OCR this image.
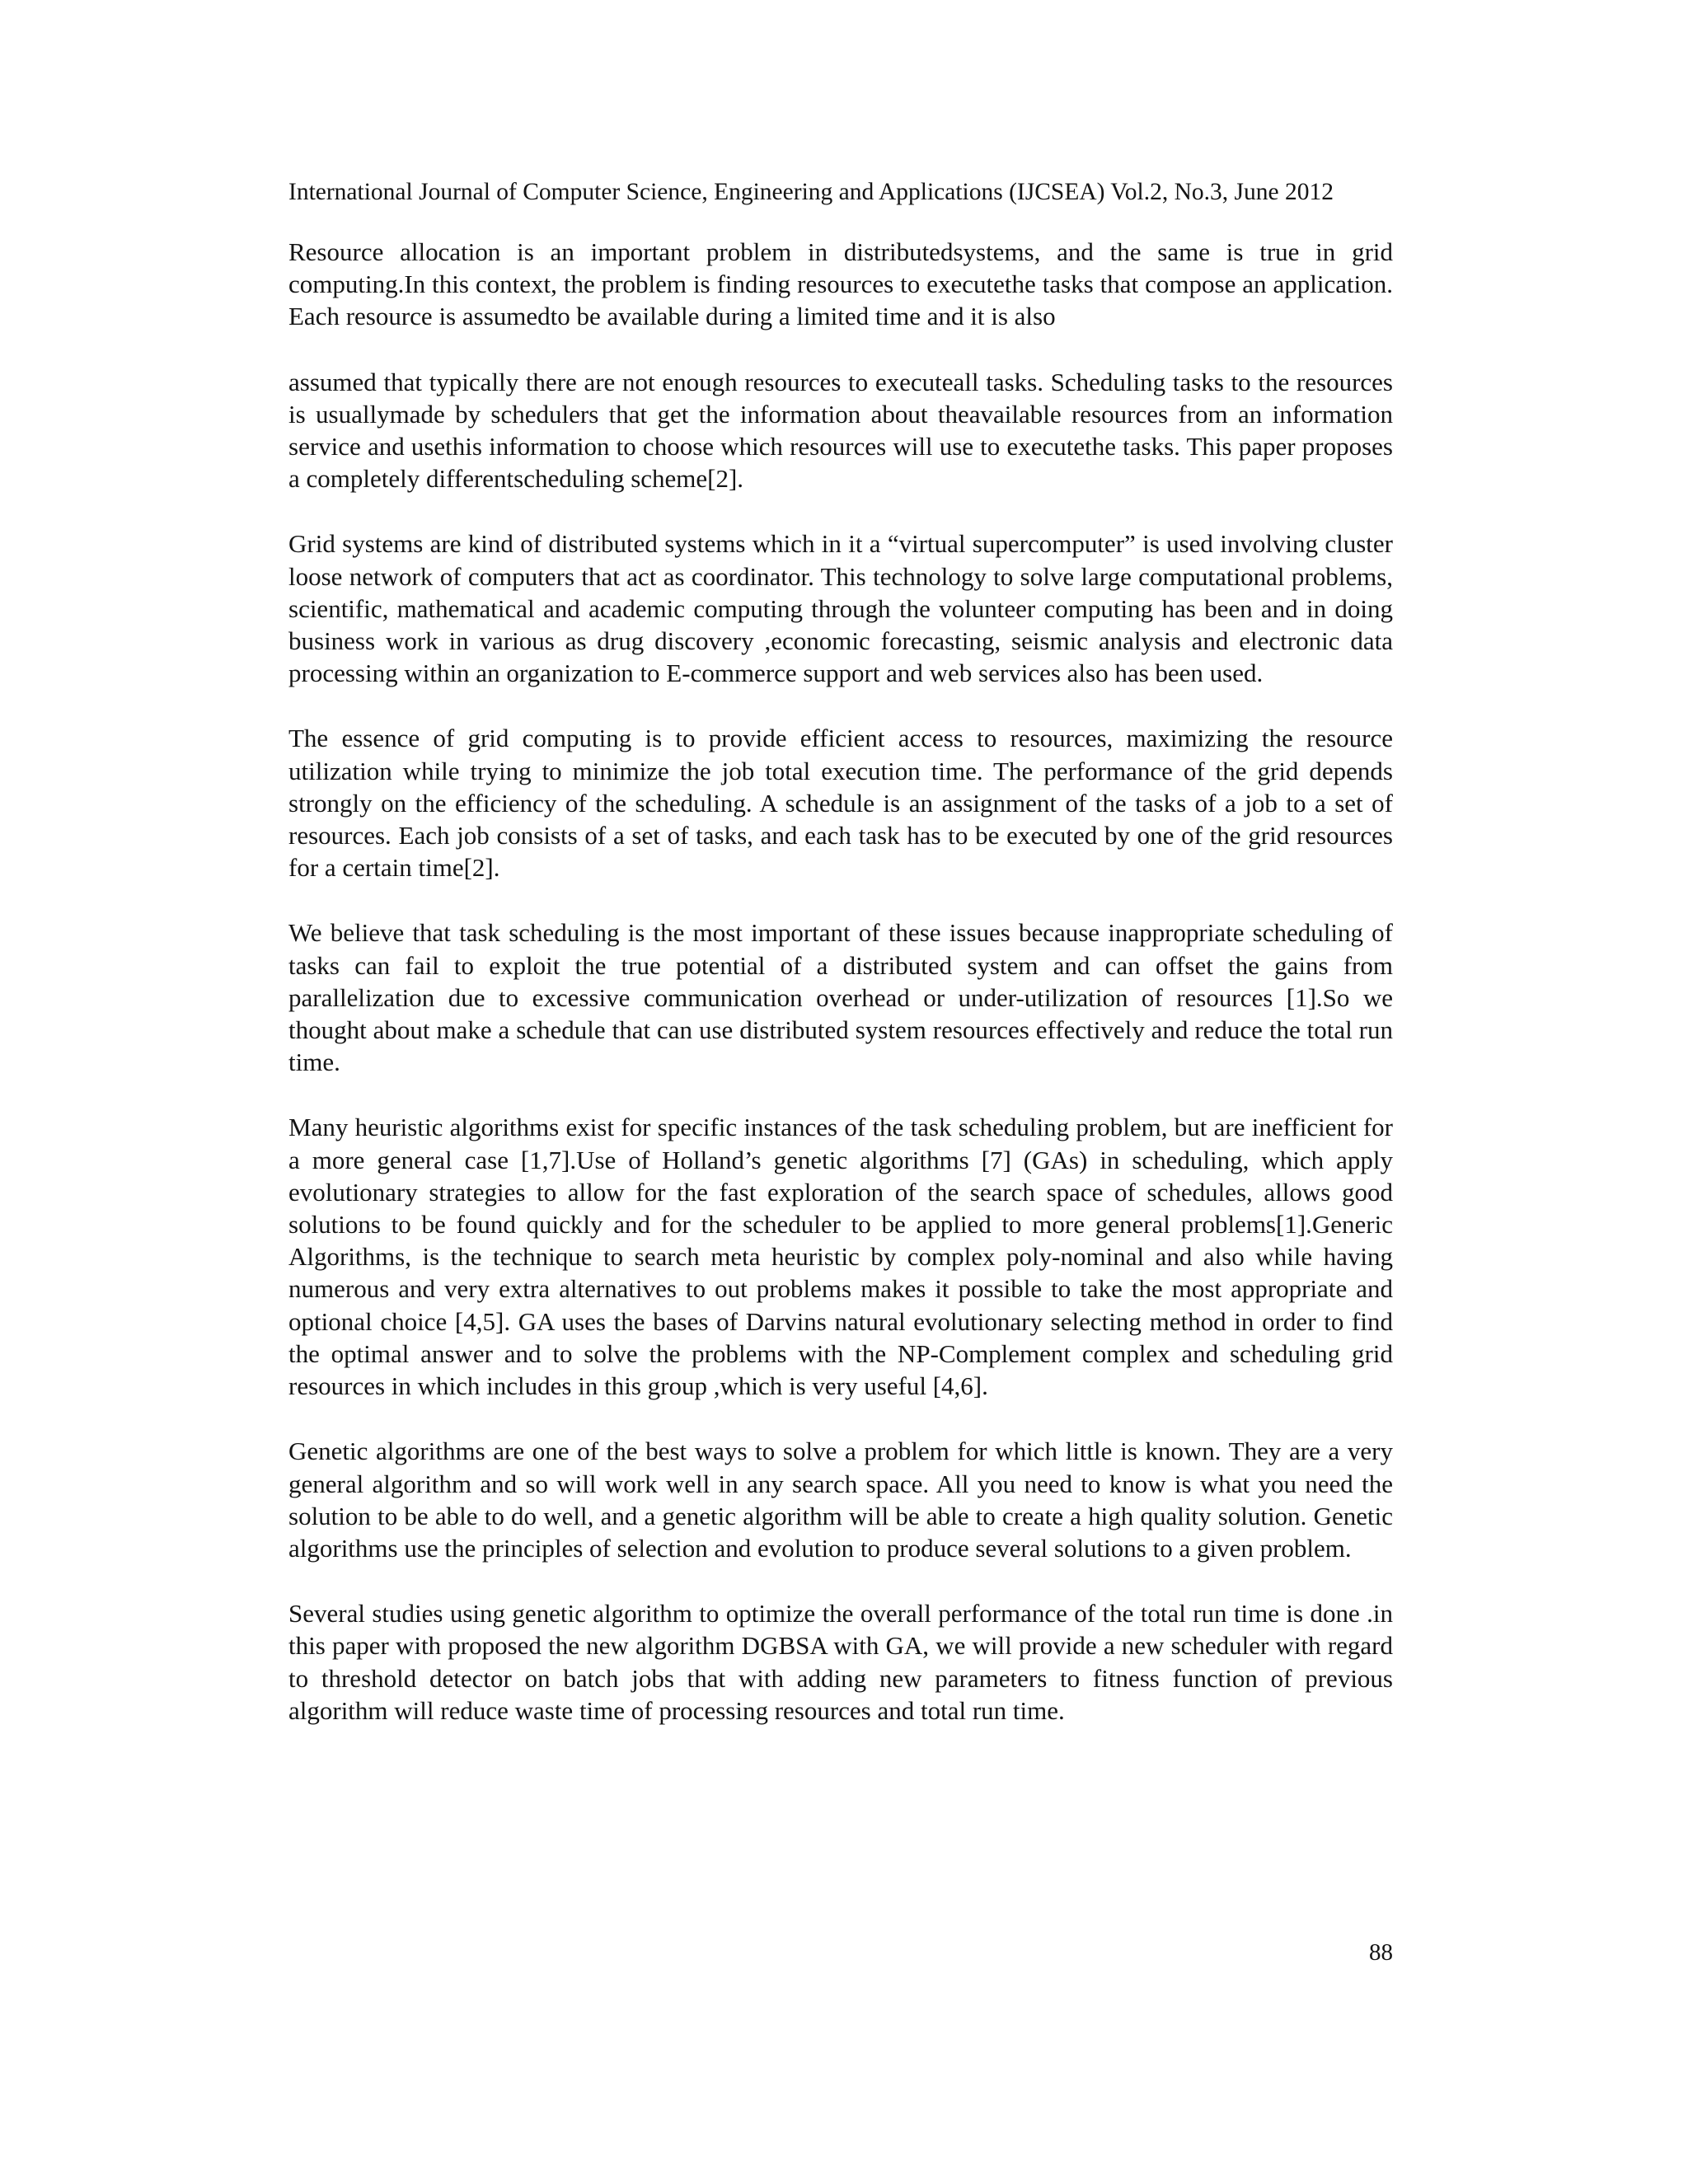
International Journal of Computer Science, Engineering and Applications (IJCSEA) Vol.2, No.3, June 2012

Resource allocation is an important problem in distributedsystems, and the same is true in grid computing.In this context, the problem is finding resources to executethe tasks that compose an application. Each resource is assumedto be available during a limited time and it is also

assumed that typically there are not enough resources to executeall tasks. Scheduling tasks to the resources is usuallymade by schedulers that get the information about theavailable resources from an information service and usethis information to choose which resources will use to executethe tasks. This paper proposes a completely differentscheduling scheme[2].

Grid systems are kind of distributed systems which in it a “virtual supercomputer” is used involving cluster loose network of computers that act as coordinator. This technology to solve large computational problems, scientific, mathematical and academic computing through the volunteer computing has been and in doing business work in various as drug discovery ,economic forecasting, seismic analysis and electronic data processing within an organization to E-commerce support and web services also has been used.

The essence of grid computing is to provide efficient access to resources, maximizing the resource utilization while trying to minimize the job total execution time. The performance of the grid depends strongly on the efficiency of the scheduling. A schedule is an assignment of the tasks of a job to a set of resources. Each job consists of a set of tasks, and each task has to be executed by one of the grid resources for a certain time[2].

We believe that task scheduling is the most important of these issues because inappropriate scheduling of tasks can fail to exploit the true potential of a distributed system and can offset the gains from parallelization due to excessive communication overhead or under-utilization of resources [1].So we thought about make a schedule that can use distributed system resources effectively and reduce the total run time.

Many heuristic algorithms exist for specific instances of the task scheduling problem, but are inefficient for a more general case [1,7].Use of Holland’s genetic algorithms [7] (GAs) in scheduling, which apply evolutionary strategies to allow for the fast exploration of the search space of schedules, allows good solutions to be found quickly and for the scheduler to be applied to more general problems[1].Generic Algorithms, is the technique to search meta heuristic by complex poly-nominal and also while having numerous and very extra alternatives to out problems makes it possible to take the most appropriate and optional choice [4,5]. GA uses the bases of Darvins natural evolutionary selecting method in order to find the optimal answer and to solve the problems with the NP-Complement complex and scheduling grid resources in which includes in this group ,which is very useful [4,6].

Genetic algorithms are one of the best ways to solve a problem for which little is known. They are a very general algorithm and so will work well in any search space. All you need to know is what you need the solution to be able to do well, and a genetic algorithm will be able to create a high quality solution. Genetic algorithms use the principles of selection and evolution to produce several solutions to a given problem.

Several studies using genetic algorithm to optimize the overall performance of the total run time is done .in this paper with proposed the new algorithm DGBSA with GA, we will provide a new scheduler with regard to threshold detector on batch jobs that with adding new parameters to fitness function of previous algorithm will reduce waste time of processing resources and total run time.

88
